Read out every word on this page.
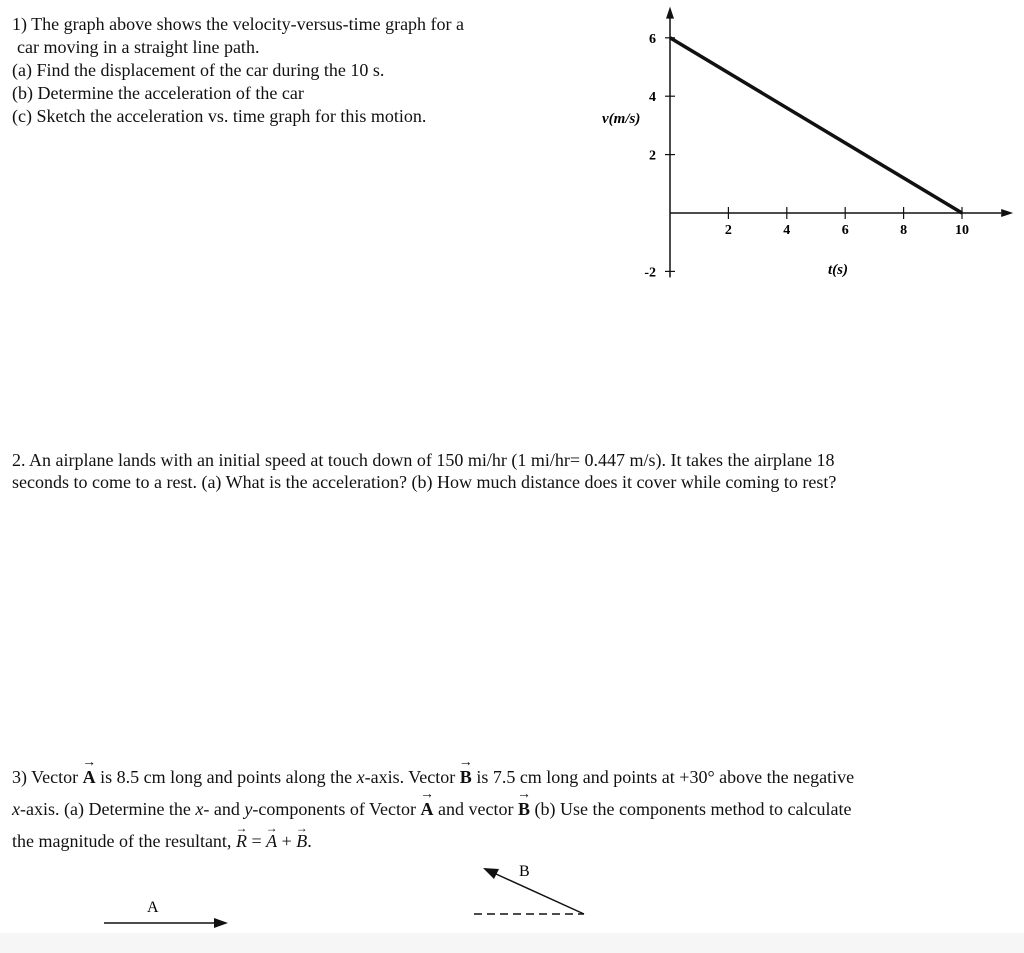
1) The graph above shows the velocity-versus-time graph for a
car moving in a straight line path.
(a) Find the displacement of the car during the 10 s.
(b) Determine the acceleration of the car
(c) Sketch the acceleration vs. time graph for this motion.	v(m/s)
t(s)
2	4	6	8	10
6
4
2
-2
2. An airplane lands with an initial speed at touch down of 150 mi/hr (1 mi/hr= 0.447 m/s). It takes the airplane 18
seconds to come to a rest. (a) What is the acceleration? (b) How much distance does it cover while coming to rest?
3) Vector → A is 8.5 cm long and points along the x-axis. Vector → B is 7.5 cm long and points at +30° above the negative
x-axis. (a) Determine the x- and y-components of Vector → A and vector → B (b) Use the components method to calculate
the magnitude of the resultant, → R = → A + → B.
A
B
